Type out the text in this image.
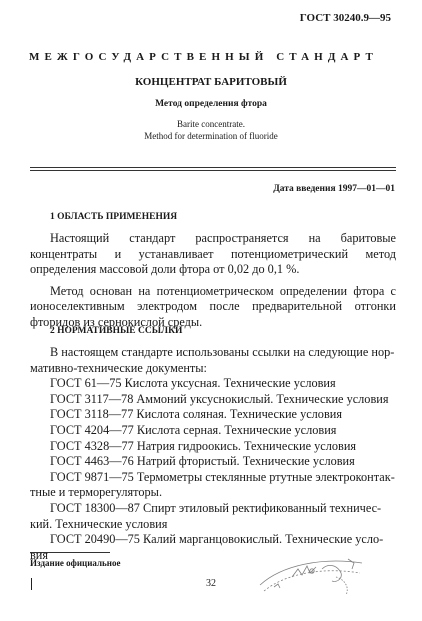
ГОСТ 30240.9—95
МЕЖГОСУДАРСТВЕННЫЙ СТАНДАРТ
КОНЦЕНТРАТ БАРИТОВЫЙ
Метод определения фтора
Barite concentrate.
Method for determination of fluoride
Дата введения 1997—01—01
1 ОБЛАСТЬ ПРИМЕНЕНИЯ

Настоящий стандарт распространяется на баритовые концентраты и устанавливает потенциометрический метод определения массовой доли фтора от 0,02 до 0,1 %.

Метод основан на потенциометрическом определении фтора с ионоселективным электродом после предварительной отгонки фторидов из сернокислой среды.

2 НОРМАТИВНЫЕ ССЫЛКИ
В настоящем стандарте использованы ссылки на следующие нор-
мативно-технические документы:
ГОСТ 61—75 Кислота уксусная. Технические условия
ГОСТ 3117—78 Аммоний уксуснокислый. Технические условия
ГОСТ 3118—77 Кислота соляная. Технические условия
ГОСТ 4204—77 Кислота серная. Технические условия
ГОСТ 4328—77 Натрия гидроокись. Технические условия
ГОСТ 4463—76 Натрий фтористый. Технические условия
ГОСТ 9871—75 Термометры стеклянные ртутные электроконтак-
тные и терморегуляторы.
ГОСТ 18300—87 Спирт этиловый ректификованный техничес-
кий. Технические условия
ГОСТ 20490—75 Калий марганцовокислый. Технические усло-
вия
Издание официальное
32
